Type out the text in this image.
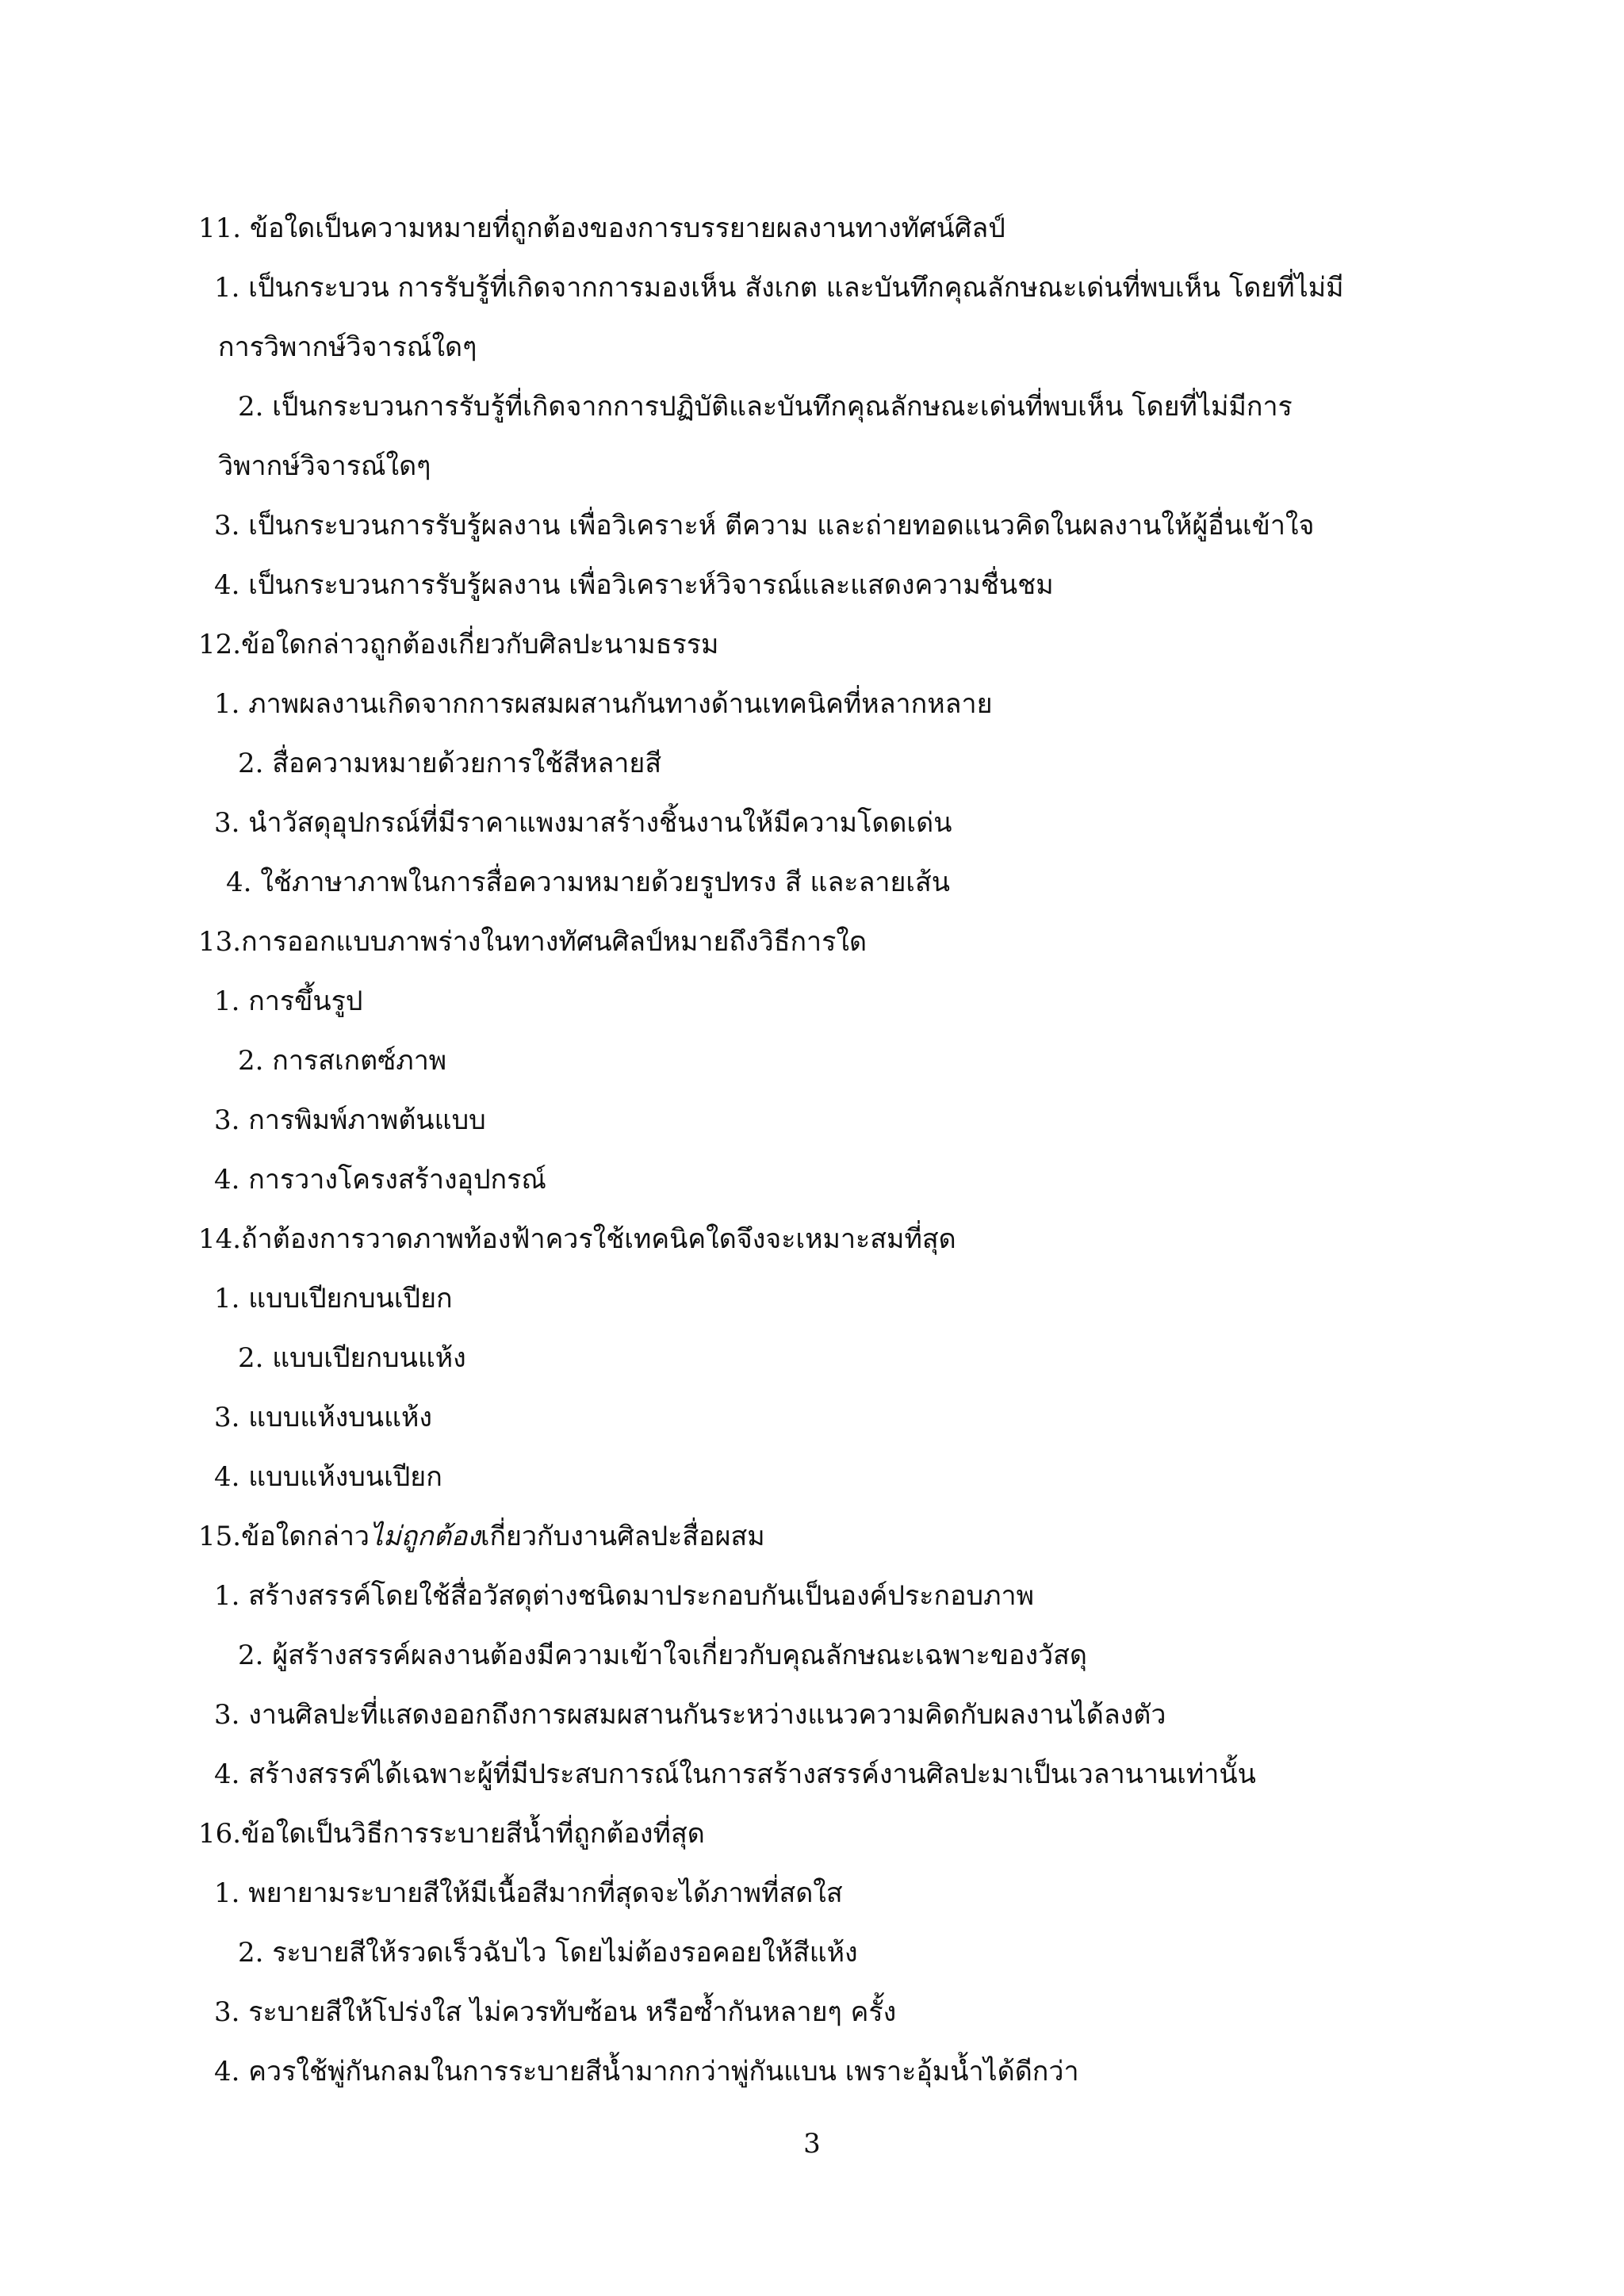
11. ข้อใดเป็นความหมายที่ถูกต้องของการบรรยายผลงานทางทัศน์ศิลป์
1. เป็นกระบวน การรับรู้ที่เกิดจากการมองเห็น สังเกต และบันทึกคุณลักษณะเด่นที่พบเห็น โดยที่ไม่มี
การวิพากษ์วิจารณ์ใดๆ
2. เป็นกระบวนการรับรู้ที่เกิดจากการปฏิบัติและบันทึกคุณลักษณะเด่นที่พบเห็น โดยที่ไม่มีการ
วิพากษ์วิจารณ์ใดๆ
3. เป็นกระบวนการรับรู้ผลงาน เพื่อวิเคราะห์ ตีความ และถ่ายทอดแนวคิดในผลงานให้ผู้อื่นเข้าใจ
4. เป็นกระบวนการรับรู้ผลงาน เพื่อวิเคราะห์วิจารณ์และแสดงความชื่นชม
12.ข้อใดกล่าวถูกต้องเกี่ยวกับศิลปะนามธรรม
1. ภาพผลงานเกิดจากการผสมผสานกันทางด้านเทคนิคที่หลากหลาย
2. สื่อความหมายด้วยการใช้สีหลายสี
3. นำวัสดุอุปกรณ์ที่มีราคาแพงมาสร้างชิ้นงานให้มีความโดดเด่น
4. ใช้ภาษาภาพในการสื่อความหมายด้วยรูปทรง สี และลายเส้น
13.การออกแบบภาพร่างในทางทัศนศิลป์หมายถึงวิธีการใด
1. การขึ้นรูป
2. การสเกตซ์ภาพ
3. การพิมพ์ภาพต้นแบบ
4. การวางโครงสร้างอุปกรณ์
14.ถ้าต้องการวาดภาพท้องฟ้าควรใช้เทคนิคใดจึงจะเหมาะสมที่สุด
1. แบบเปียกบนเปียก
2. แบบเปียกบนแห้ง
3. แบบแห้งบนแห้ง
4. แบบแห้งบนเปียก
15.ข้อใดกล่าวไม่ถูกต้องเกี่ยวกับงานศิลปะสื่อผสม
1. สร้างสรรค์โดยใช้สื่อวัสดุต่างชนิดมาประกอบกันเป็นองค์ประกอบภาพ
2. ผู้สร้างสรรค์ผลงานต้องมีความเข้าใจเกี่ยวกับคุณลักษณะเฉพาะของวัสดุ
3. งานศิลปะที่แสดงออกถึงการผสมผสานกันระหว่างแนวความคิดกับผลงานได้ลงตัว
4. สร้างสรรค์ได้เฉพาะผู้ที่มีประสบการณ์ในการสร้างสรรค์งานศิลปะมาเป็นเวลานานเท่านั้น
16.ข้อใดเป็นวิธีการระบายสีน้ำที่ถูกต้องที่สุด
1. พยายามระบายสีให้มีเนื้อสีมากที่สุดจะได้ภาพที่สดใส
2. ระบายสีให้รวดเร็วฉับไว โดยไม่ต้องรอคอยให้สีแห้ง
3. ระบายสีให้โปร่งใส ไม่ควรทับซ้อน หรือซ้ำกันหลายๆ ครั้ง
4. ควรใช้พู่กันกลมในการระบายสีน้ำมากกว่าพู่กันแบน เพราะอุ้มน้ำได้ดีกว่า
3
